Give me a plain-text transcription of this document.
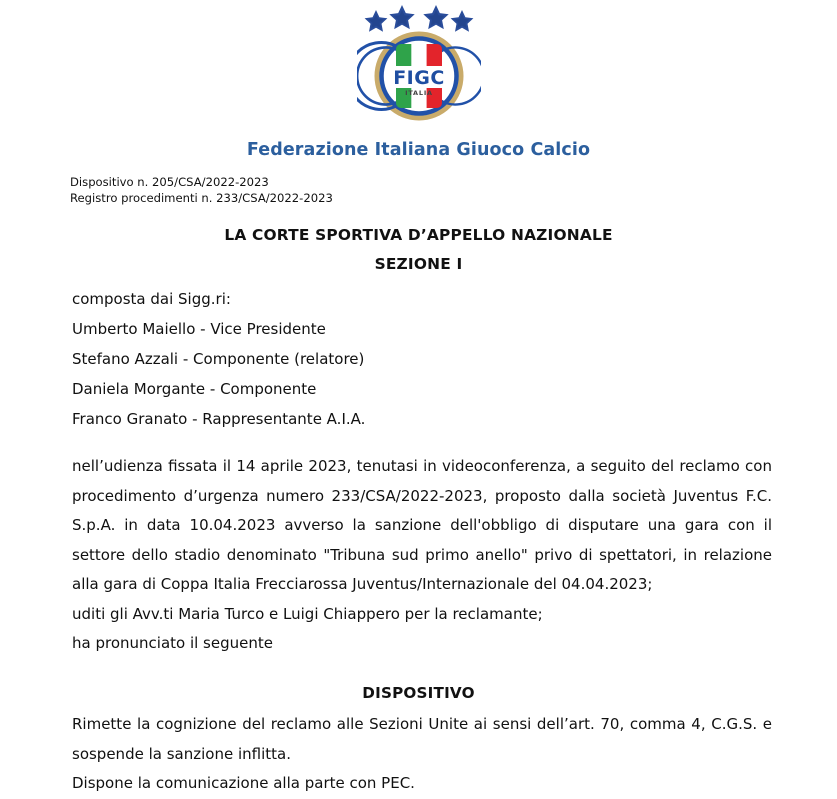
FIGC
ITALIA
Federazione Italiana Giuoco Calcio
Dispositivo n. 205/CSA/2022-2023
Registro procedimenti n. 233/CSA/2022-2023
LA CORTE SPORTIVA D’APPELLO NAZIONALE
SEZIONE I
composta dai Sigg.ri:
Umberto Maiello - Vice Presidente
Stefano Azzali - Componente (relatore)
Daniela Morgante - Componente
Franco Granato - Rappresentante A.I.A.

nell’udienza fissata il 14 aprile 2023, tenutasi in videoconferenza, a seguito del reclamo con procedimento d’urgenza numero 233/CSA/2022-2023, proposto dalla società Juventus F.C. S.p.A. in data 10.04.2023 avverso la sanzione dell'obbligo di disputare una gara con il settore dello stadio denominato "Tribuna sud primo anello" privo di spettatori, in relazione alla gara di Coppa Italia Frecciarossa Juventus/Internazionale del 04.04.2023;

uditi gli Avv.ti Maria Turco e Luigi Chiappero per la reclamante;

ha pronunciato il seguente

DISPOSITIVO

Rimette la cognizione del reclamo alle Sezioni Unite ai sensi dell’art. 70, comma 4, C.G.S. e sospende la sanzione inflitta.

Dispone la comunicazione alla parte con PEC.
